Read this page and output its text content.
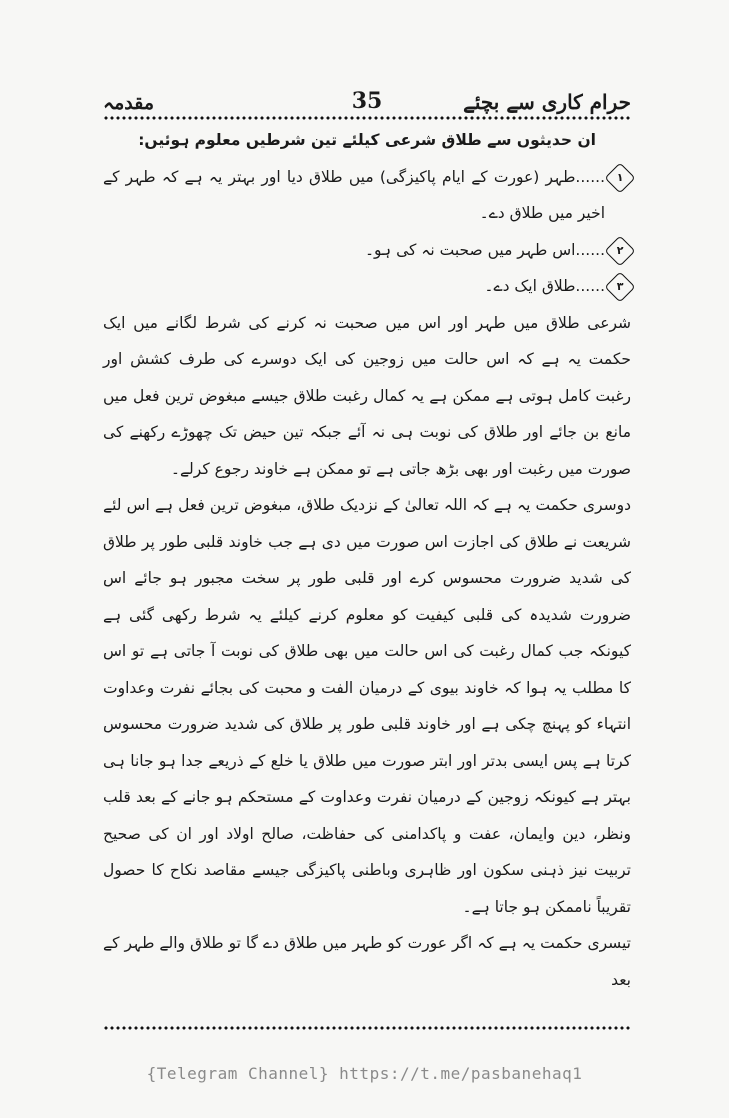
حرام کاری سے بچئے
35
مقدمہ

ان حدیثوں سے طلاق شرعی کیلئے تین شرطیں معلوم ہوئیں:

۱
......طہر (عورت کے ایام پاکیزگی) میں طلاق دیا اور بہتر یہ ہے کہ طہر کے اخیر میں طلاق دے۔
۲
......اس طہر میں صحبت نہ کی ہو۔
۳
......طلاق ایک دے۔

شرعی طلاق میں طہر اور اس میں صحبت نہ کرنے کی شرط لگانے میں ایک حکمت یہ ہے کہ اس حالت میں زوجین کی ایک دوسرے کی طرف کشش اور رغبت کامل ہوتی ہے ممکن ہے یہ کمال رغبت طلاق جیسے مبغوض ترین فعل میں مانع بن جائے اور طلاق کی نوبت ہی نہ آئے جبکہ تین حیض تک چھوڑے رکھنے کی صورت میں رغبت اور بھی بڑھ جاتی ہے تو ممکن ہے خاوند رجوع کرلے۔

دوسری حکمت یہ ہے کہ اللہ تعالیٰ کے نزدیک طلاق، مبغوض ترین فعل ہے اس لئے شریعت نے طلاق کی اجازت اس صورت میں دی ہے جب خاوند قلبی طور پر طلاق کی شدید ضرورت محسوس کرے اور قلبی طور پر سخت مجبور ہو جائے اس ضرورت شدیدہ کی قلبی کیفیت کو معلوم کرنے کیلئے یہ شرط رکھی گئی ہے کیونکہ جب کمال رغبت کی اس حالت میں بھی طلاق کی نوبت آ جاتی ہے تو اس کا مطلب یہ ہوا کہ خاوند بیوی کے درمیان الفت و محبت کی بجائے نفرت وعداوت انتہاء کو پہنچ چکی ہے اور خاوند قلبی طور پر طلاق کی شدید ضرورت محسوس کرتا ہے پس ایسی بدتر اور ابتر صورت میں طلاق یا خلع کے ذریعے جدا ہو جانا ہی بہتر ہے کیونکہ زوجین کے درمیان نفرت وعداوت کے مستحکم ہو جانے کے بعد قلب ونظر، دین وایمان، عفت و پاکدامنی کی حفاظت، صالح اولاد اور ان کی صحیح تربیت نیز ذہنی سکون اور ظاہری وباطنی پاکیزگی جیسے مقاصد نکاح کا حصول تقریباً ناممکن ہو جاتا ہے۔

تیسری حکمت یہ ہے کہ اگر عورت کو طہر میں طلاق دے گا تو طلاق والے طہر کے بعد

{Telegram Channel} https://t.me/pasbanehaq1
